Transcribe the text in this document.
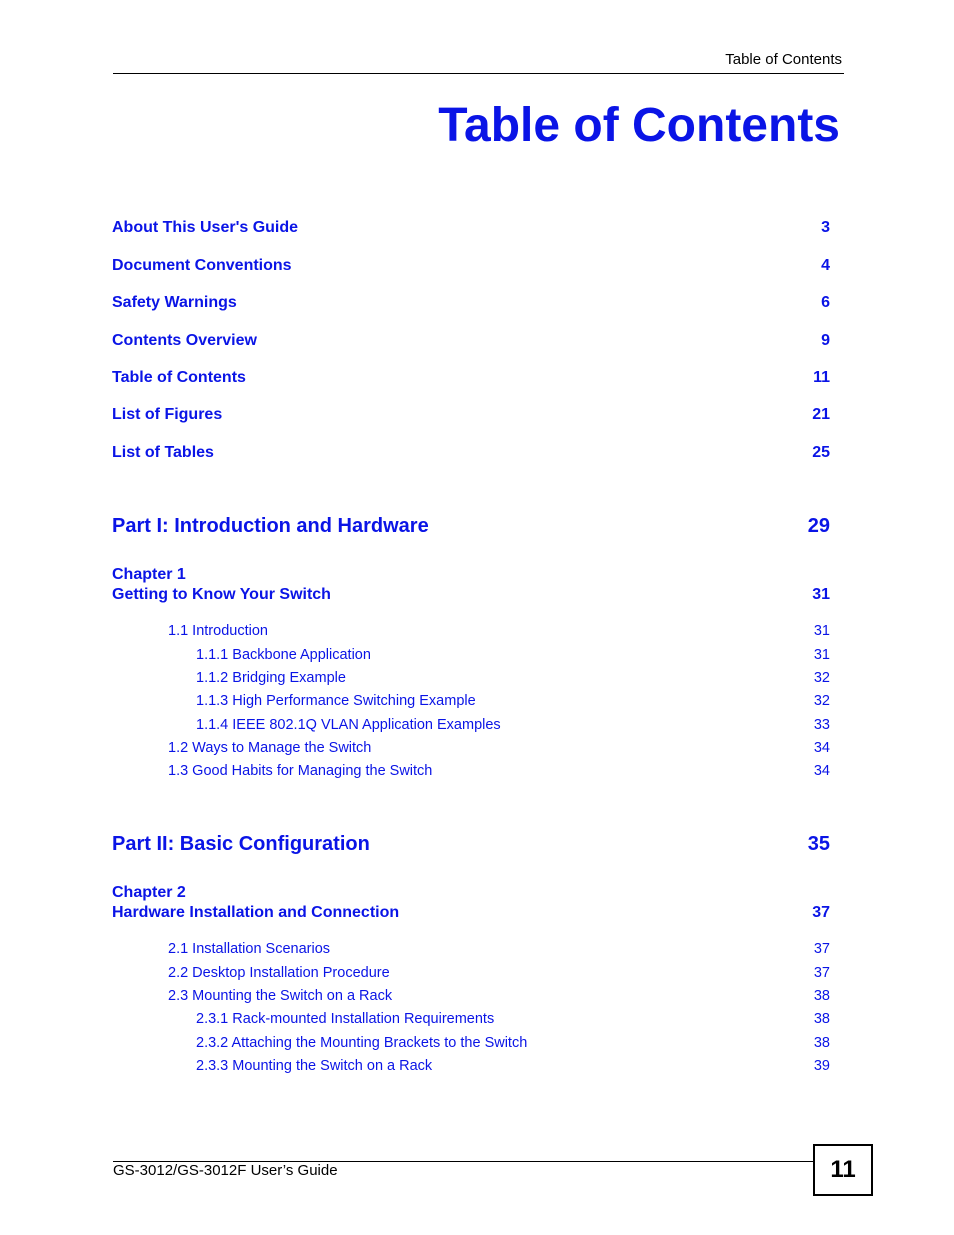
Table of Contents
Table of Contents
About This User's Guide	3
Document Conventions	4
Safety Warnings	6
Contents Overview	9
Table of Contents	11
List of Figures	21
List of Tables	25
Part I: Introduction and Hardware	29
Chapter 1
Getting to Know Your Switch	31
1.1 Introduction	31
1.1.1 Backbone Application	31
1.1.2 Bridging Example	32
1.1.3 High Performance Switching Example	32
1.1.4 IEEE 802.1Q VLAN Application Examples	33
1.2 Ways to Manage the Switch	34
1.3 Good Habits for Managing the Switch	34
Part II: Basic Configuration	35
Chapter 2
Hardware Installation and Connection	37
2.1 Installation Scenarios	37
2.2 Desktop Installation Procedure	37
2.3 Mounting the Switch on a Rack	38
2.3.1 Rack-mounted Installation Requirements	38
2.3.2 Attaching the Mounting Brackets to the Switch	38
2.3.3 Mounting the Switch on a Rack	39
GS-3012/GS-3012F User’s Guide	11
